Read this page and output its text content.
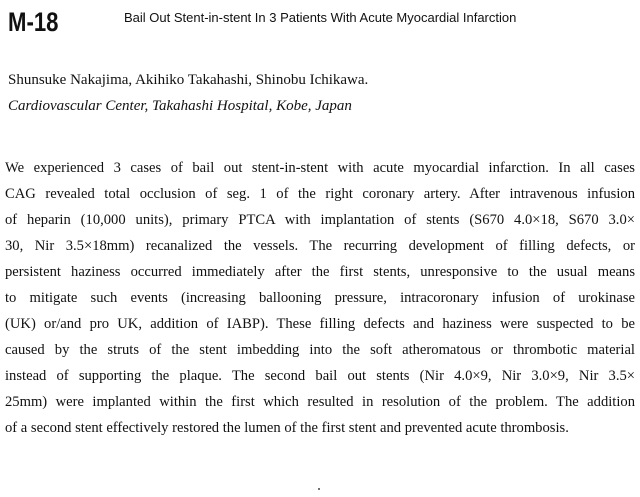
M-18	Bail Out Stent-in-stent In 3 Patients With Acute Myocardial Infarction
Shunsuke Nakajima, Akihiko Takahashi, Shinobu Ichikawa.
Cardiovascular Center, Takahashi Hospital, Kobe, Japan
We experienced 3 cases of bail out stent-in-stent with acute myocardial infarction. In all cases
CAG revealed total occlusion of seg. 1 of the right coronary artery. After intravenous infusion
of heparin (10,000 units), primary PTCA with implantation of stents (S670 4.0×18, S670 3.0×
30, Nir 3.5×18mm) recanalized the vessels. The recurring development of filling defects, or
persistent haziness occurred immediately after the first stents, unresponsive to the usual means
to mitigate such events (increasing ballooning pressure, intracoronary infusion of urokinase
(UK) or/and pro UK, addition of IABP). These filling defects and haziness were suspected to be
caused by the struts of the stent imbedding into the soft atheromatous or thrombotic material
instead of supporting the plaque. The second bail out stents (Nir 4.0×9, Nir 3.0×9, Nir 3.5×
25mm) were implanted within the first which resulted in resolution of the problem. The addition
of a second stent effectively restored the lumen of the first stent and prevented acute thrombosis.
